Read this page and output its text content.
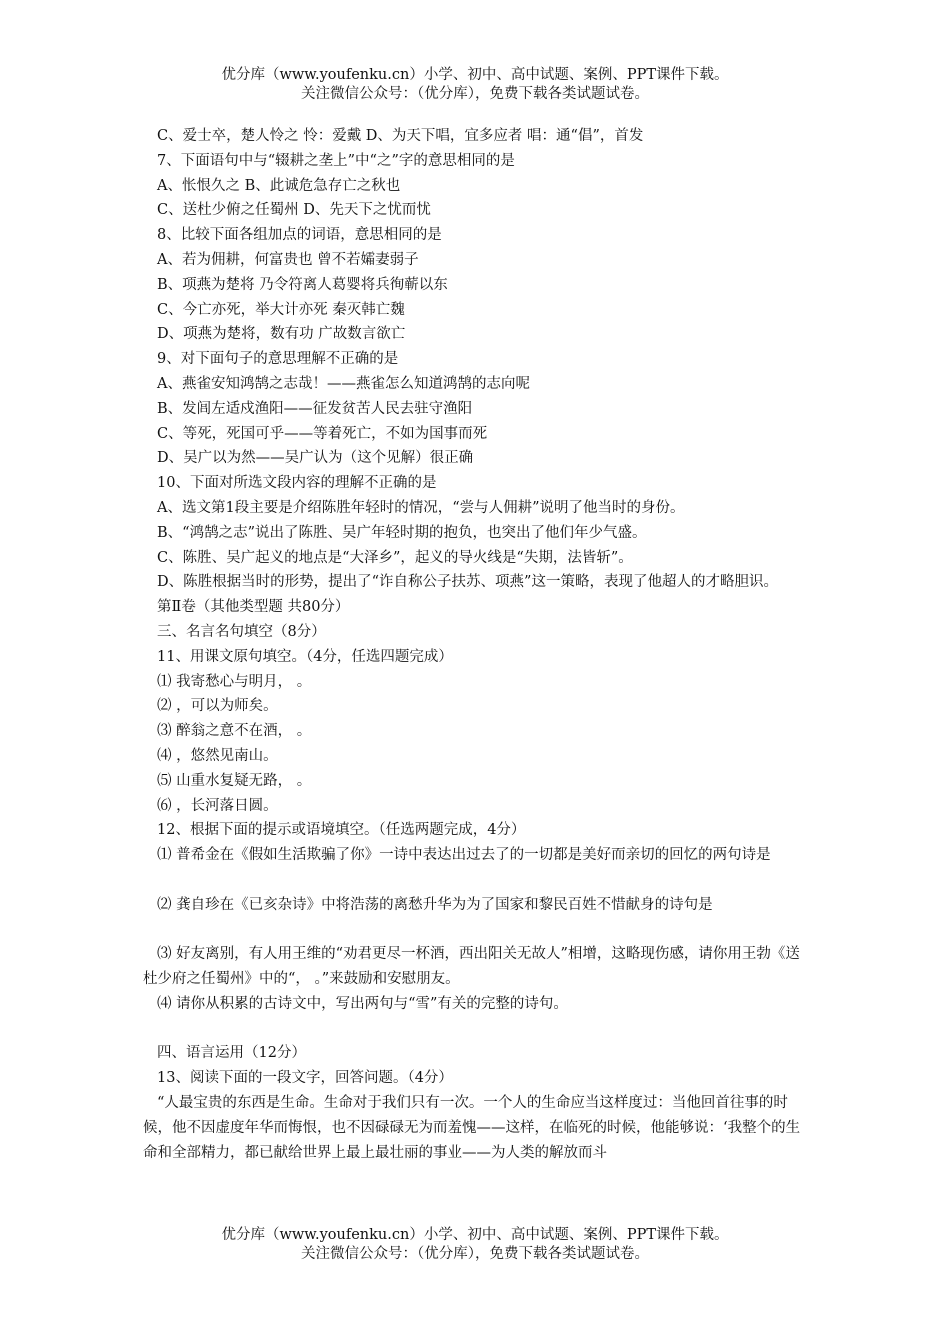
优分库（www.youfenku.cn）小学、初中、高中试题、案例、PPT课件下载。
关注微信公众号：（优分库），免费下载各类试题试卷。

C、爱士卒，楚人怜之 怜：爱戴 D、为天下唱，宜多应者 唱：通“倡”，首发

7、下面语句中与“辍耕之垄上”中“之”字的意思相同的是

A、怅恨久之 B、此诚危急存亡之秋也

C、送杜少俯之任蜀州 D、先天下之忧而忧

8、比较下面各组加点的词语，意思相同的是

A、若为佣耕，何富贵也 曾不若孀妻弱子

B、项燕为楚将 乃令符离人葛婴将兵徇蕲以东

C、今亡亦死，举大计亦死 秦灭韩亡魏

D、项燕为楚将，数有功 广故数言欲亡

9、对下面句子的意思理解不正确的是

A、燕雀安知鸿鹄之志哉！——燕雀怎么知道鸿鹄的志向呢

B、发闾左适戍渔阳——征发贫苦人民去驻守渔阳

C、等死，死国可乎——等着死亡，不如为国事而死

D、吴广以为然——吴广认为（这个见解）很正确

10、下面对所选文段内容的理解不正确的是

A、选文第1段主要是介绍陈胜年轻时的情况，“尝与人佣耕”说明了他当时的身份。

B、“鸿鹄之志”说出了陈胜、吴广年轻时期的抱负，也突出了他们年少气盛。

C、陈胜、吴广起义的地点是“大泽乡”，起义的导火线是“失期，法皆斩”。

D、陈胜根据当时的形势，提出了“诈自称公子扶苏、项燕”这一策略，表现了他超人的才略胆识。

第Ⅱ卷（其他类型题 共80分）

三、名言名句填空（8分）

11、用课文原句填空。（4分，任选四题完成）

⑴ 我寄愁心与明月， 。

⑵ ，可以为师矣。

⑶ 醉翁之意不在酒， 。

⑷ ，悠然见南山。

⑸ 山重水复疑无路， 。

⑹ ，长河落日圆。

12、根据下面的提示或语境填空。（任选两题完成，4分）

⑴ 普希金在《假如生活欺骗了你》一诗中表达出过去了的一切都是美好而亲切的回忆的两句诗是

⑵ 龚自珍在《已亥杂诗》中将浩荡的离愁升华为为了国家和黎民百姓不惜献身的诗句是

⑶ 好友离别，有人用王维的“劝君更尽一杯酒，西出阳关无故人”相增，这略现伤感，请你用王勃《送杜少府之任蜀州》中的“， 。”来鼓励和安慰朋友。

⑷ 请你从积累的古诗文中，写出两句与“雪”有关的完整的诗句。

四、语言运用（12分）

13、阅读下面的一段文字，回答问题。（4分）

“人最宝贵的东西是生命。生命对于我们只有一次。一个人的生命应当这样度过：当他回首往事的时候，他不因虚度年华而悔恨，也不因碌碌无为而羞愧——这样，在临死的时候，他能够说：‘我整个的生命和全部精力，都已献给世界上最上最壮丽的事业——为人类的解放而斗

优分库（www.youfenku.cn）小学、初中、高中试题、案例、PPT课件下载。
关注微信公众号：（优分库），免费下载各类试题试卷。
